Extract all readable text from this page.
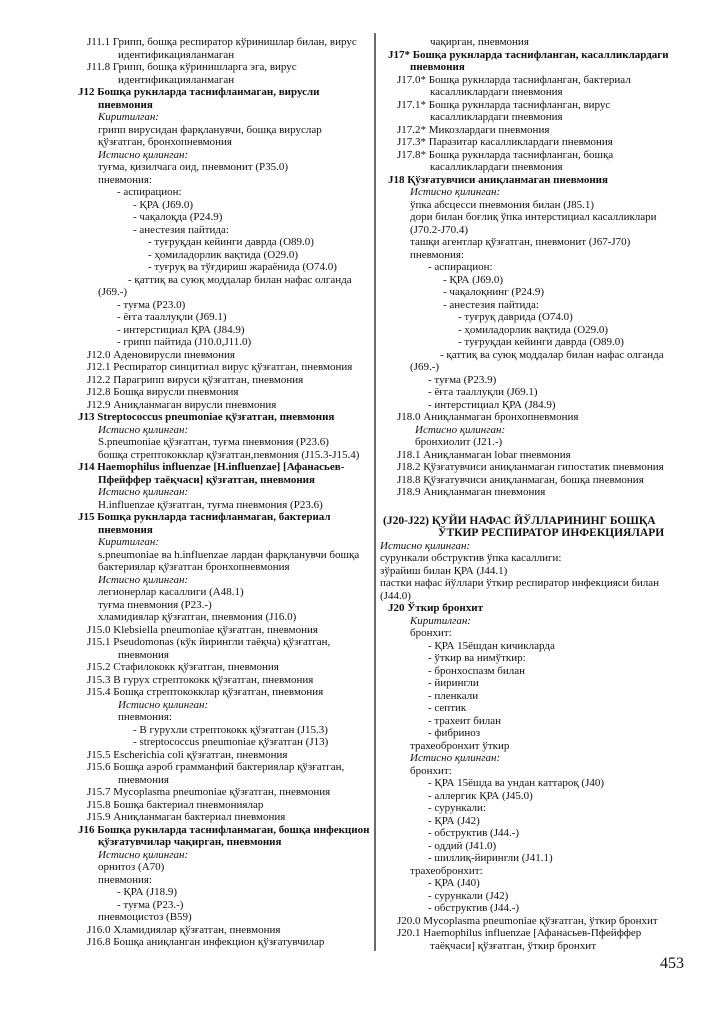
J11.1 Грипп, бошқа респиратор кўринишлар билан, вирус
идентификацияланмаган
J11.8 Грипп, бошқа кўринишларга эга, вирус
идентификацияланмаган
J12 Бошқа рукнларда таснифланмаган, вирусли
пневмония
Киритилган:
грипп вирусидан фарқланувчи, бошқа вируслар
қўзғатган, бронхопневмония
Истисно қилинган:
туғма, қизилчага оид, пневмонит (P35.0)
пневмония:
- аспирацион:
- ҚРА (J69.0)
- чақалоқда (P24.9)
- анестезия пайтида:
- туғруқдан кейинги даврда (O89.0)
- ҳомиладорлик вақтида (O29.0)
- туғруқ ва тўғдириш жараёнида (O74.0)
- қаттиқ ва суюқ моддалар билан нафас олганда
(J69.-)
- туғма (P23.0)
- ёғга тааллуқли (J69.1)
- интерстициал ҚРА (J84.9)
- грипп пайтида (J10.0,J11.0)
J12.0 Аденовирусли пневмония
J12.1 Респиратор синцитиал вирус қўзғатган, пневмония
J12.2 Парагрипп вируси қўзғатган, пневмония
J12.8 Бошқа вирусли пневмония
J12.9 Аниқланмаган вирусли пневмония
J13 Streptococcus pneumoniae қўзғатган, пневмония
Истисно қилинган:
S.pneumoniae қўзғатган, туғма пневмония (P23.6)
бошқа стрептококклар қўзғатган,певмония (J15.3-J15.4)
J14 Haemophilus influenzae [H.influenzae] [Афанасьев-
Пфейффер таёқчаси] қўзғатган, пневмония
Истисно қилинган:
H.influenzae қўзғатган, туғма пневмония (P23.6)
J15 Бошқа рукнларда таснифланмаган, бактериал
пневмония
Киритилган:
s.pneumoniae ва h.influenzae лардан фарқланувчи бошқа
бактериялар қўзғатган бронхопневмония
Истисно қилинган:
легионерлар касаллиги (A48.1)
туғма пневмония (P23.-)
хламидиялар қўзғатган, пневмония (J16.0)
J15.0 Klebsiella pneumoniae қўзғатган, пневмония
J15.1 Pseudomonas (кўк йирингли таёқча) қўзғатган,
пневмония
J15.2 Стафилококк қўзғатган, пневмония
J15.3 B гурух стрептококк қўзғатган, пневмония
J15.4 Бошқа стрептококклар қўзғатган, пневмония
Истисно қилинган:
пневмония:
- B гурухли стрептококк қўзғатган (J15.3)
- streptococcus pneumoniae қўзғатган (J13)
J15.5 Escherichia coli қўзғатган, пневмония
J15.6 Бошқа аэроб грамманфий бактериялар қўзғатган,
пневмония
J15.7 Mycoplasma pneumoniae қўзғатган, пневмония
J15.8 Бошқа бактериал пневмониялар
J15.9 Аниқланмаган бактериал пневмония
J16 Бошқа рукнларда таснифланмаган, бошқа инфекцион
қўзғатувчилар чақирган, пневмония
Истисно қилинган:
орнитоз (A70)
пневмония:
- ҚРА (J18.9)
- туғма (P23.-)
пневмоцистоз (B59)
J16.0 Хламидиялар қўзғатган, пневмония
J16.8 Бошқа аниқланган инфекцион қўзғатувчилар
чақирган, пневмония
J17* Бошқа рукнларда таснифланган, касалликлардаги
пневмония
J17.0* Бошқа рукнларда таснифланган, бактериал
касалликлардаги пневмония
J17.1* Бошқа рукнларда таснифланган, вирус
касалликлардаги пневмония
J17.2* Микозлардаги пневмония
J17.3* Паразитар касалликлардаги пневмония
J17.8* Бошқа рукнларда таснифланган, бошқа
касалликлардаги пневмония
J18 Қўзғатувчиси аниқланмаган пневмония
Истисно қилинган:
ўпка абсцесси пневмония билан (J85.1)
дори билан боғлиқ ўпка интерстициал касалликлари
(J70.2-J70.4)
ташқи агентлар қўзғатган, пневмонит (J67-J70)
пневмония:
- аспирацион:
- ҚРА (J69.0)
- чақалоқнинг (P24.9)
- анестезия пайтида:
- туғруқ даврида (O74.0)
- ҳомиладорлик вақтида (O29.0)
- туғруқдан кейинги даврда (O89.0)
- қаттиқ ва суюқ моддалар билан нафас олганда
(J69.-)
- туғма (P23.9)
- ёғга тааллуқли (J69.1)
- интерстициал ҚРА (J84.9)
J18.0 Аниқланмаган бронхопневмония
Истисно қилинган:
бронхиолит (J21.-)
J18.1 Аниқланмаган lobar пневмония
J18.2 Қўзғатувчиси аниқланмаган гипостатик пневмония
J18.8 Қўзғатувчиси аниқланмаган, бошқа пневмония
J18.9 Аниқланмаган пневмония
(J20-J22) ҚУЙИ НАФАС ЙЎЛЛАРИНИНГ БОШҚА
ЎТКИР РЕСПИРАТОР ИНФЕКЦИЯЛАРИ
Истисно қилинган:
сурункали обструктив ўпка касаллиги:
зўрайиш билан ҚРА (J44.1)
пастки нафас йўллари ўткир респиратор инфекцияси билан
(J44.0)
J20 Ўткир бронхит
Киритилган:
бронхит:
- ҚРА 15ёшдан кичикларда
- ўткир ва нимўткир:
- бронхоспазм билан
- йирингли
- пленкали
- септик
- трахеит билан
- фибриноз
трахеобронхит ўткир
Истисно қилинган:
бронхит:
- ҚРА 15ёшда ва ундан каттароқ (J40)
- аллергик ҚРА (J45.0)
- сурункали:
- ҚРА (J42)
- обструктив (J44.-)
- оддий (J41.0)
- шиллиқ-йирингли (J41.1)
трахеобронхит:
- ҚРА (J40)
- сурункали (J42)
- обструктив (J44.-)
J20.0 Mycoplasma pneumoniae қўзғатган, ўткир бронхит
J20.1 Haemophilus influenzae [Афанасьев-Пфейффер
таёқчаси] қўзғатган, ўткир бронхит
453
